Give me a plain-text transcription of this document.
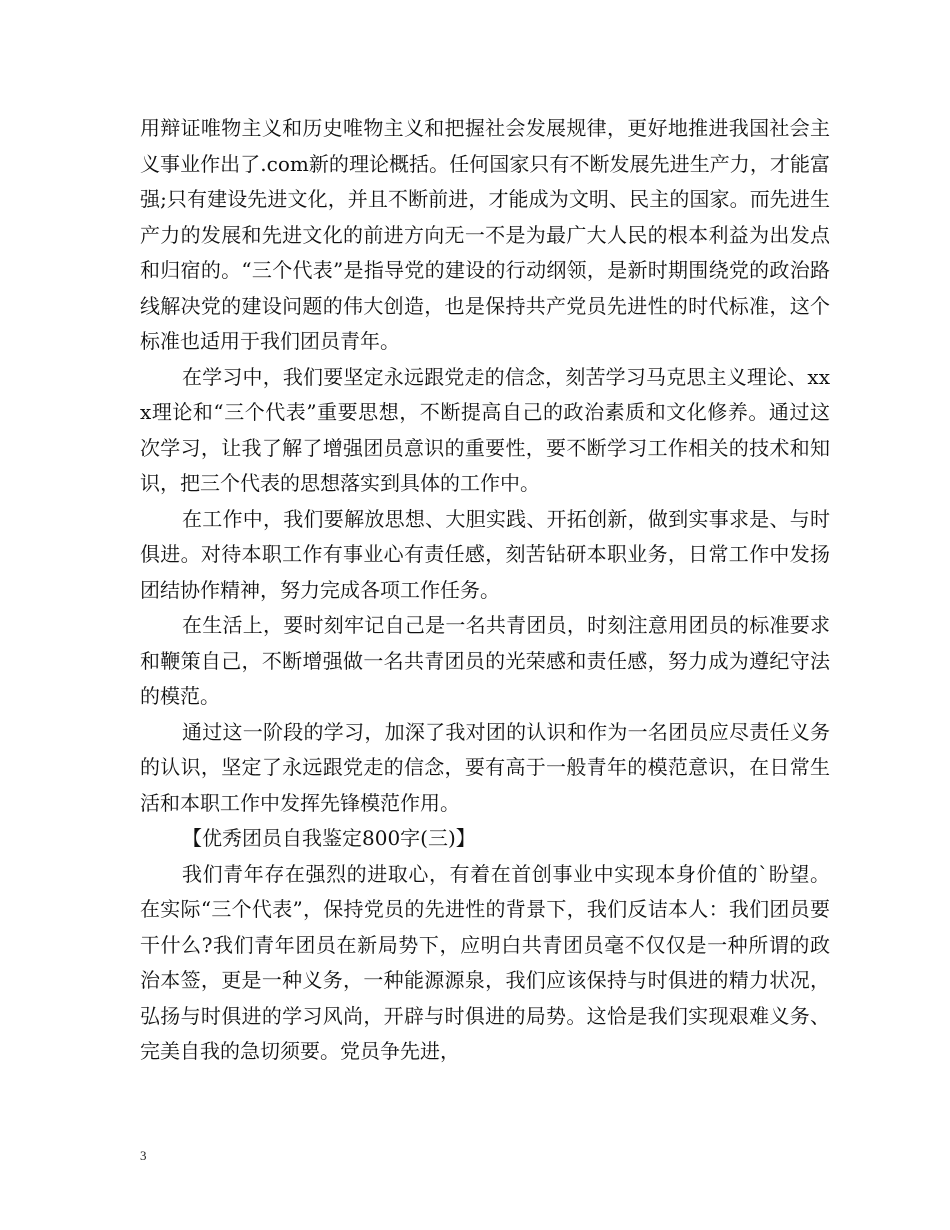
用辩证唯物主义和历史唯物主义和把握社会发展规律，更好地推进我国社会主义事业作出了.com新的理论概括。任何国家只有不断发展先进生产力，才能富强;只有建设先进文化，并且不断前进，才能成为文明、民主的国家。而先进生产力的发展和先进文化的前进方向无一不是为最广大人民的根本利益为出发点和归宿的。“三个代表”是指导党的建设的行动纲领，是新时期围绕党的政治路线解决党的建设问题的伟大创造，也是保持共产党员先进性的时代标准，这个标准也适用于我们团员青年。

在学习中，我们要坚定永远跟党走的信念，刻苦学习马克思主义理论、xxx理论和“三个代表”重要思想，不断提高自己的政治素质和文化修养。通过这次学习，让我了解了增强团员意识的重要性，要不断学习工作相关的技术和知识，把三个代表的思想落实到具体的工作中。

在工作中，我们要解放思想、大胆实践、开拓创新，做到实事求是、与时俱进。对待本职工作有事业心有责任感，刻苦钻研本职业务，日常工作中发扬团结协作精神，努力完成各项工作任务。

在生活上，要时刻牢记自己是一名共青团员，时刻注意用团员的标准要求和鞭策自己，不断增强做一名共青团员的光荣感和责任感，努力成为遵纪守法的模范。

通过这一阶段的学习，加深了我对团的认识和作为一名团员应尽责任义务的认识，坚定了永远跟党走的信念，要有高于一般青年的模范意识，在日常生活和本职工作中发挥先锋模范作用。

【优秀团员自我鉴定800字(三)】

我们青年存在强烈的进取心，有着在首创事业中实现本身价值的`盼望。在实际“三个代表”，保持党员的先进性的背景下，我们反诘本人：我们团员要干什么?我们青年团员在新局势下，应明白共青团员毫不仅仅是一种所谓的政治本签，更是一种义务，一种能源源泉，我们应该保持与时俱进的精力状况，弘扬与时俱进的学习风尚，开辟与时俱进的局势。这恰是我们实现艰难义务、完美自我的急切须要。党员争先进，

3
